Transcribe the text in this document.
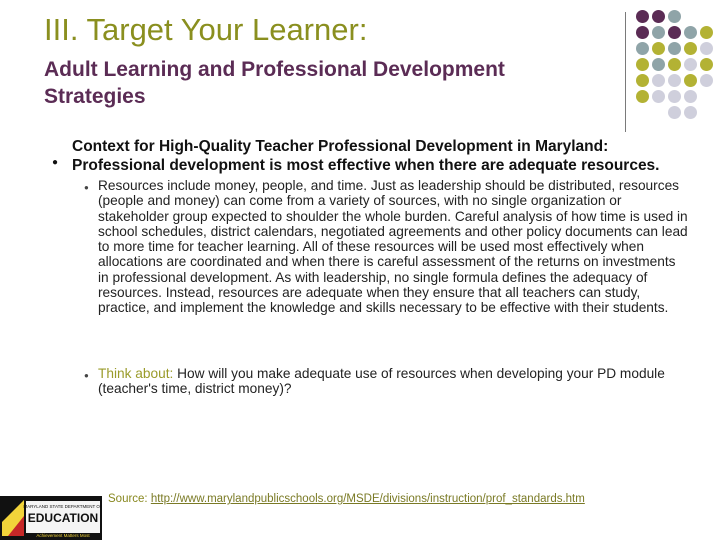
III. Target Your Learner:
Adult Learning and Professional Development Strategies
●
Context for High-Quality Teacher Professional Development in Maryland:
Professional development is most effective when there are adequate resources.
● Resources include money, people, and time. Just as leadership should be distributed, resources (people and money) can come from a variety of sources, with no single organization or stakeholder group expected to shoulder the whole burden. Careful analysis of how time is used in school schedules, district calendars, negotiated agreements and other policy documents can lead to more time for teacher learning. All of these resources will be used most effectively when allocations are coordinated and when there is careful assessment of the returns on investments in professional development. As with leadership, no single formula defines the adequacy of resources. Instead, resources are adequate when they ensure that all teachers can study, practice, and implement the knowledge and skills necessary to be effective with their students.
● Think about: How will you make adequate use of resources when developing your PD module (teacher's time, district money)?
MARYLAND STATE DEPARTMENT OF
EDUCATION
Achievement Matters Most
Source: http://www.marylandpublicschools.org/MSDE/divisions/instruction/prof_standards.htm
